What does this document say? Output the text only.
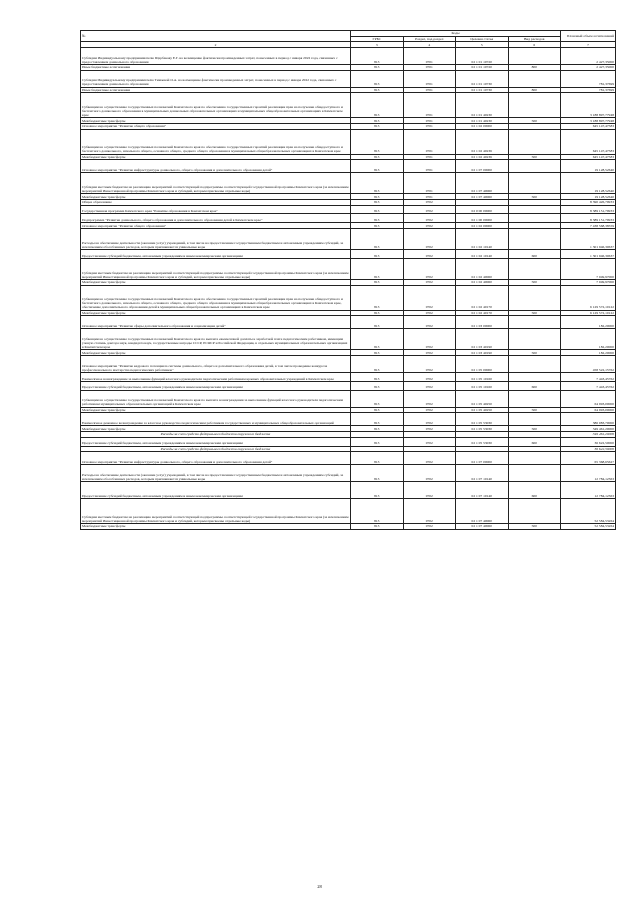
№	Коды				Плановый объем ассигнований
	ГРБС	Раздел, под-раздел	Целевая статья	Вид расходов	
2	3	4	5	6	7
Субсидии Индивидуальному предпринимателю Щербакову Е.Г. на возмещение фактически произведенных затрат, понесенных в период с января 2022 года, связанных с предоставлением дошкольного образования	813	0701	02 1 01 10720		2 427,35000
Иные бюджетные ассигнования	813	0701	02 1 01 10720	800	2 427,35000
Субсидия Индивидуальному предпринимателю Тимаевой О.А. на возмещение фактически произведенных затрат, понесенных в период с января 2022 года, связанных с предоставлением дошкольного образования	813	0701	02 1 01 10730		781,37699
Иные бюджетные ассигнования	813	0701	02 1 01 10730	800	781,37699
Субвенции на осуществление государственных полномочий Камчатского края по обеспечению государственных гарантий реализации прав на получение общедоступного и бесплатного дошкольного образования в муниципальных дошкольных образовательных организациях и муниципальных общеобразовательных организациях в Камчатском крае	813	0701	02 1 01 40230		3 188 897,77948
Межбюджетные трансферты	813	0701	02 1 01 40230	500	3 188 897,77948
Основное мероприятие "Развитие общего образования"	813	0701	02 1 02 00000		645 147,47583
Субвенции на осуществление государственных полномочий Камчатского края по обеспечению государственных гарантий реализации прав на получение общедоступного и бесплатного дошкольного, начального общего, основного общего, среднего общего образования в муниципальных общеобразовательных организациях в Камчатском крае	813	0701	02 1 02 40236		645 147,47583
Межбюджетные трансферты	813	0701	02 1 02 40236	500	645 147,47583
Основное мероприятие "Развитие инфраструктуры дошкольного, общего образования и дополнительного образования детей"	813	0701	02 1 07 00000		19 128,52640
Субсидии местным бюджетам на реализацию мероприятий соответствующей подпрограммы соответствующей государственной программы Камчатского края (за исключением мероприятий Инвестиционной программы Камчатского края и субсидий, которым присвоены отдельные коды)	813	0701	02 1 07 40060		19 128,52640
Межбюджетные трансферты	813	0701	02 1 07 40060	500	19 128,52640
Общее образование	813	0702			8 390 426,79933
Государственная программа Камчатского края "Развитие образования в Камчатском крае"	813	0702	02 0 00 00000		8 389 151,79933
Подпрограмма "Развитие дошкольного, общего образования и дополнительного образования детей в Камчатском крае"	813	0702	02 1 00 00000		8 389 151,79933
Основное мероприятие "Развитие общего образования"	813	0702	02 1 02 00000		7 438 568,38559
Расходы на обеспечение деятельности (оказание услуг) учреждений, в том числе на предоставление государственным бюджетным и автономным учреждениям субсидий, за исключением обособленных расходов, которым присваиваются уникальные коды	813	0702	02 1 02 10140		1 301 946,30637
Предоставление субсидий бюджетным, автономным учреждениям и иным некоммерческим организациям	813	0702	02 1 02 10140	600	1 301 946,30637
Субсидии местным бюджетам на реализацию мероприятий соответствующей подпрограммы соответствующей государственной программы Камчатского края (за исключением мероприятий Инвестиционной программы Камчатского края и субсидий, которым присвоены отдельные коды)	813	0702	02 1 02 40060		7 049,97000
Межбюджетные трансферты	813	0702	02 1 02 40060	500	7 049,97000
Субвенции на осуществление государственных полномочий Камчатского края по обеспечению государственных гарантий реализации прав на получение общедоступного и бесплатного дошкольного, начального общего, основного общего, среднего общего образования в муниципальных общеобразовательных организациях в Камчатском крае, обеспечение дополнительного образования детей в муниципальных общеобразовательных организациях в Камчатском крае	813	0702	02 1 02 40170		6 129 572,10122
Межбюджетные трансферты	813	0702	02 1 02 40170	500	6 129 572,10122
Основное мероприятие "Развитие сферы дополнительного образования и социализации детей"	813	0702	02 1 03 00000		182,20000
Субвенции на осуществление государственных полномочий Камчатского края по выплате ежемесячной доплаты к заработной плате педагогическим работникам, имеющим ученую степень доктора наук, кандидата наук, государственные награды СССР, РСФСР и Российской Федерации, в отдельных муниципальных образовательных организациях в Камчатском крае	813	0702	02 1 03 40190		182,20000
Межбюджетные трансферты	813	0702	02 1 03 40190	500	182,20000
Основное мероприятие "Развитие кадрового потенциала системы дошкольного, общего и дополнительного образования детей, в том числе проведение конкурсов профессионального мастерства педагогических работников"	813	0702	02 1 05 00000		458 522,15762
Ежемесячное вознаграждение за выполнение функций классного руководителя педагогическим работникам краевых образовательных учреждений в Камчатском крае	813	0702	02 1 05 10160		7 443,45762
Предоставление субсидий бюджетным, автономным учреждениям и иным некоммерческим организациям	813	0702	02 1 05 10160	600	7 443,45762
Субвенции на осуществление государственных полномочий Камчатского края по выплате вознаграждения за выполнение функций классного руководителя педагогическим работникам муниципальных образовательных организаций в Камчатском крае	813	0702	02 1 05 40250		64 993,00000
Межбюджетные трансферты	813	0702	02 1 05 40250	500	64 993,00000
Ежемесячное денежное вознаграждение за классное руководство педагогическим работникам государственных и муниципальных общеобразовательных организаций	813	0702	02 1 05 53030		386 083,70000
Межбюджетные трансферты	813	0702	02 1 05 53030	500	349 461,20000
Расходы за счет средств федерального бюджета окружного бюджета					349 461,20000
Предоставление субсидий бюджетным, автономным учреждениям и иным некоммерческим организациям	813	0702	02 1 05 53030	600	36 622,50000
Расходы за счет средств федерального бюджета окружного бюджета					36 622,50000
Основное мероприятие "Развитие инфраструктуры дошкольного, общего образования и дополнительного образования детей"	813	0702	02 1 07 00000		65 368,65627
Расходы на обеспечение деятельности (оказание услуг) учреждений, в том числе на предоставление государственным бюджетным и автономным учреждениям субсидий, за исключением обособленных расходов, которым присваиваются уникальные коды	813	0702	02 1 07 10140		12 784,12363
Предоставление субсидий бюджетным, автономным учреждениям и иным некоммерческим организациям	813	0702	02 1 07 10140	600	12 784,12363
Субсидии местным бюджетам на реализацию мероприятий соответствующей подпрограммы соответствующей государственной программы Камчатского края (за исключением мероприятий Инвестиционной программы Камчатского края и субсидий, которым присвоены отдельные коды)	813	0702	02 1 07 40060		52 584,53264
Межбюджетные трансферты	813	0702	02 1 07 40060	500	52 584,53264
28
